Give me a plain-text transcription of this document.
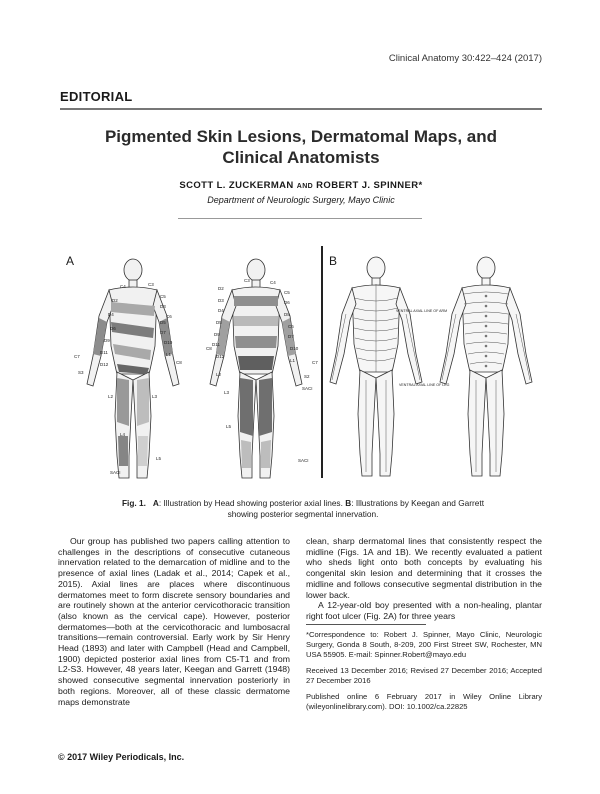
Clinical Anatomy 30:422–424 (2017)
EDITORIAL
Pigmented Skin Lesions, Dermatomal Maps, and
Clinical Anatomists
SCOTT L. ZUCKERMAN AND ROBERT J. SPINNER*
Department of Neurologic Surgery, Mayo Clinic
C4	C3
C5
D2
D3
D4	C6
D5
D6
D7
D9	D10
D11	L1
D12
S3
C7
C8
L2	L3
L4
SACI
L5
C3	C4
D2
C5
D3	D6
D4
D8
D5
C6
D9	D7
D11
D10
D12
L1	C7
C8
L2	S2
SACI
L3
L5
SACI
VENTRAL AXIAL LINE OF ARM
VENTRAL AXIAL LINE OF LEG
A	B
Fig. 1. A: Illustration by Head showing posterior axial lines. B: Illustrations by Keegan and Garrett showing posterior segmental innervation.

Our group has published two papers calling attention to challenges in the descriptions of consecutive cutaneous innervation related to the demarcation of midline and to the presence of axial lines (Ladak et al., 2014; Capek et al., 2015). Axial lines are places where discontinuous dermatomes meet to form discrete sensory boundaries and are routinely shown at the anterior cervicothoracic transition (also known as the cervical cape). However, posterior dermatomes—both at the cervicothoracic and lumbosacral transitions—remain controversial. Early work by Sir Henry Head (1893) and later with Campbell (Head and Campbell, 1900) depicted posterior axial lines from C5-T1 and from L2-S3. However, 48 years later, Keegan and Garrett (1948) showed consecutive segmental innervation posteriorly in both regions. Moreover, all of these classic dermatome maps demonstrate

clean, sharp dermatomal lines that consistently respect the midline (Figs. 1A and 1B). We recently evaluated a patient who sheds light onto both concepts by evaluating his congenital skin lesion and determining that it crosses the midline and follows consecutive segmental distribution in the lower back.

A 12-year-old boy presented with a non-healing, plantar right foot ulcer (Fig. 2A) for three years

*Correspondence to: Robert J. Spinner, Mayo Clinic, Neurologic Surgery, Gonda 8 South, 8-209, 200 First Street SW, Rochester, MN USA 55905. E-mail: Spinner.Robert@mayo.edu
Received 13 December 2016; Revised 27 December 2016; Accepted 27 December 2016
Published online 6 February 2017 in Wiley Online Library (wileyonlinelibrary.com). DOI: 10.1002/ca.22825
© 2017 Wiley Periodicals, Inc.
